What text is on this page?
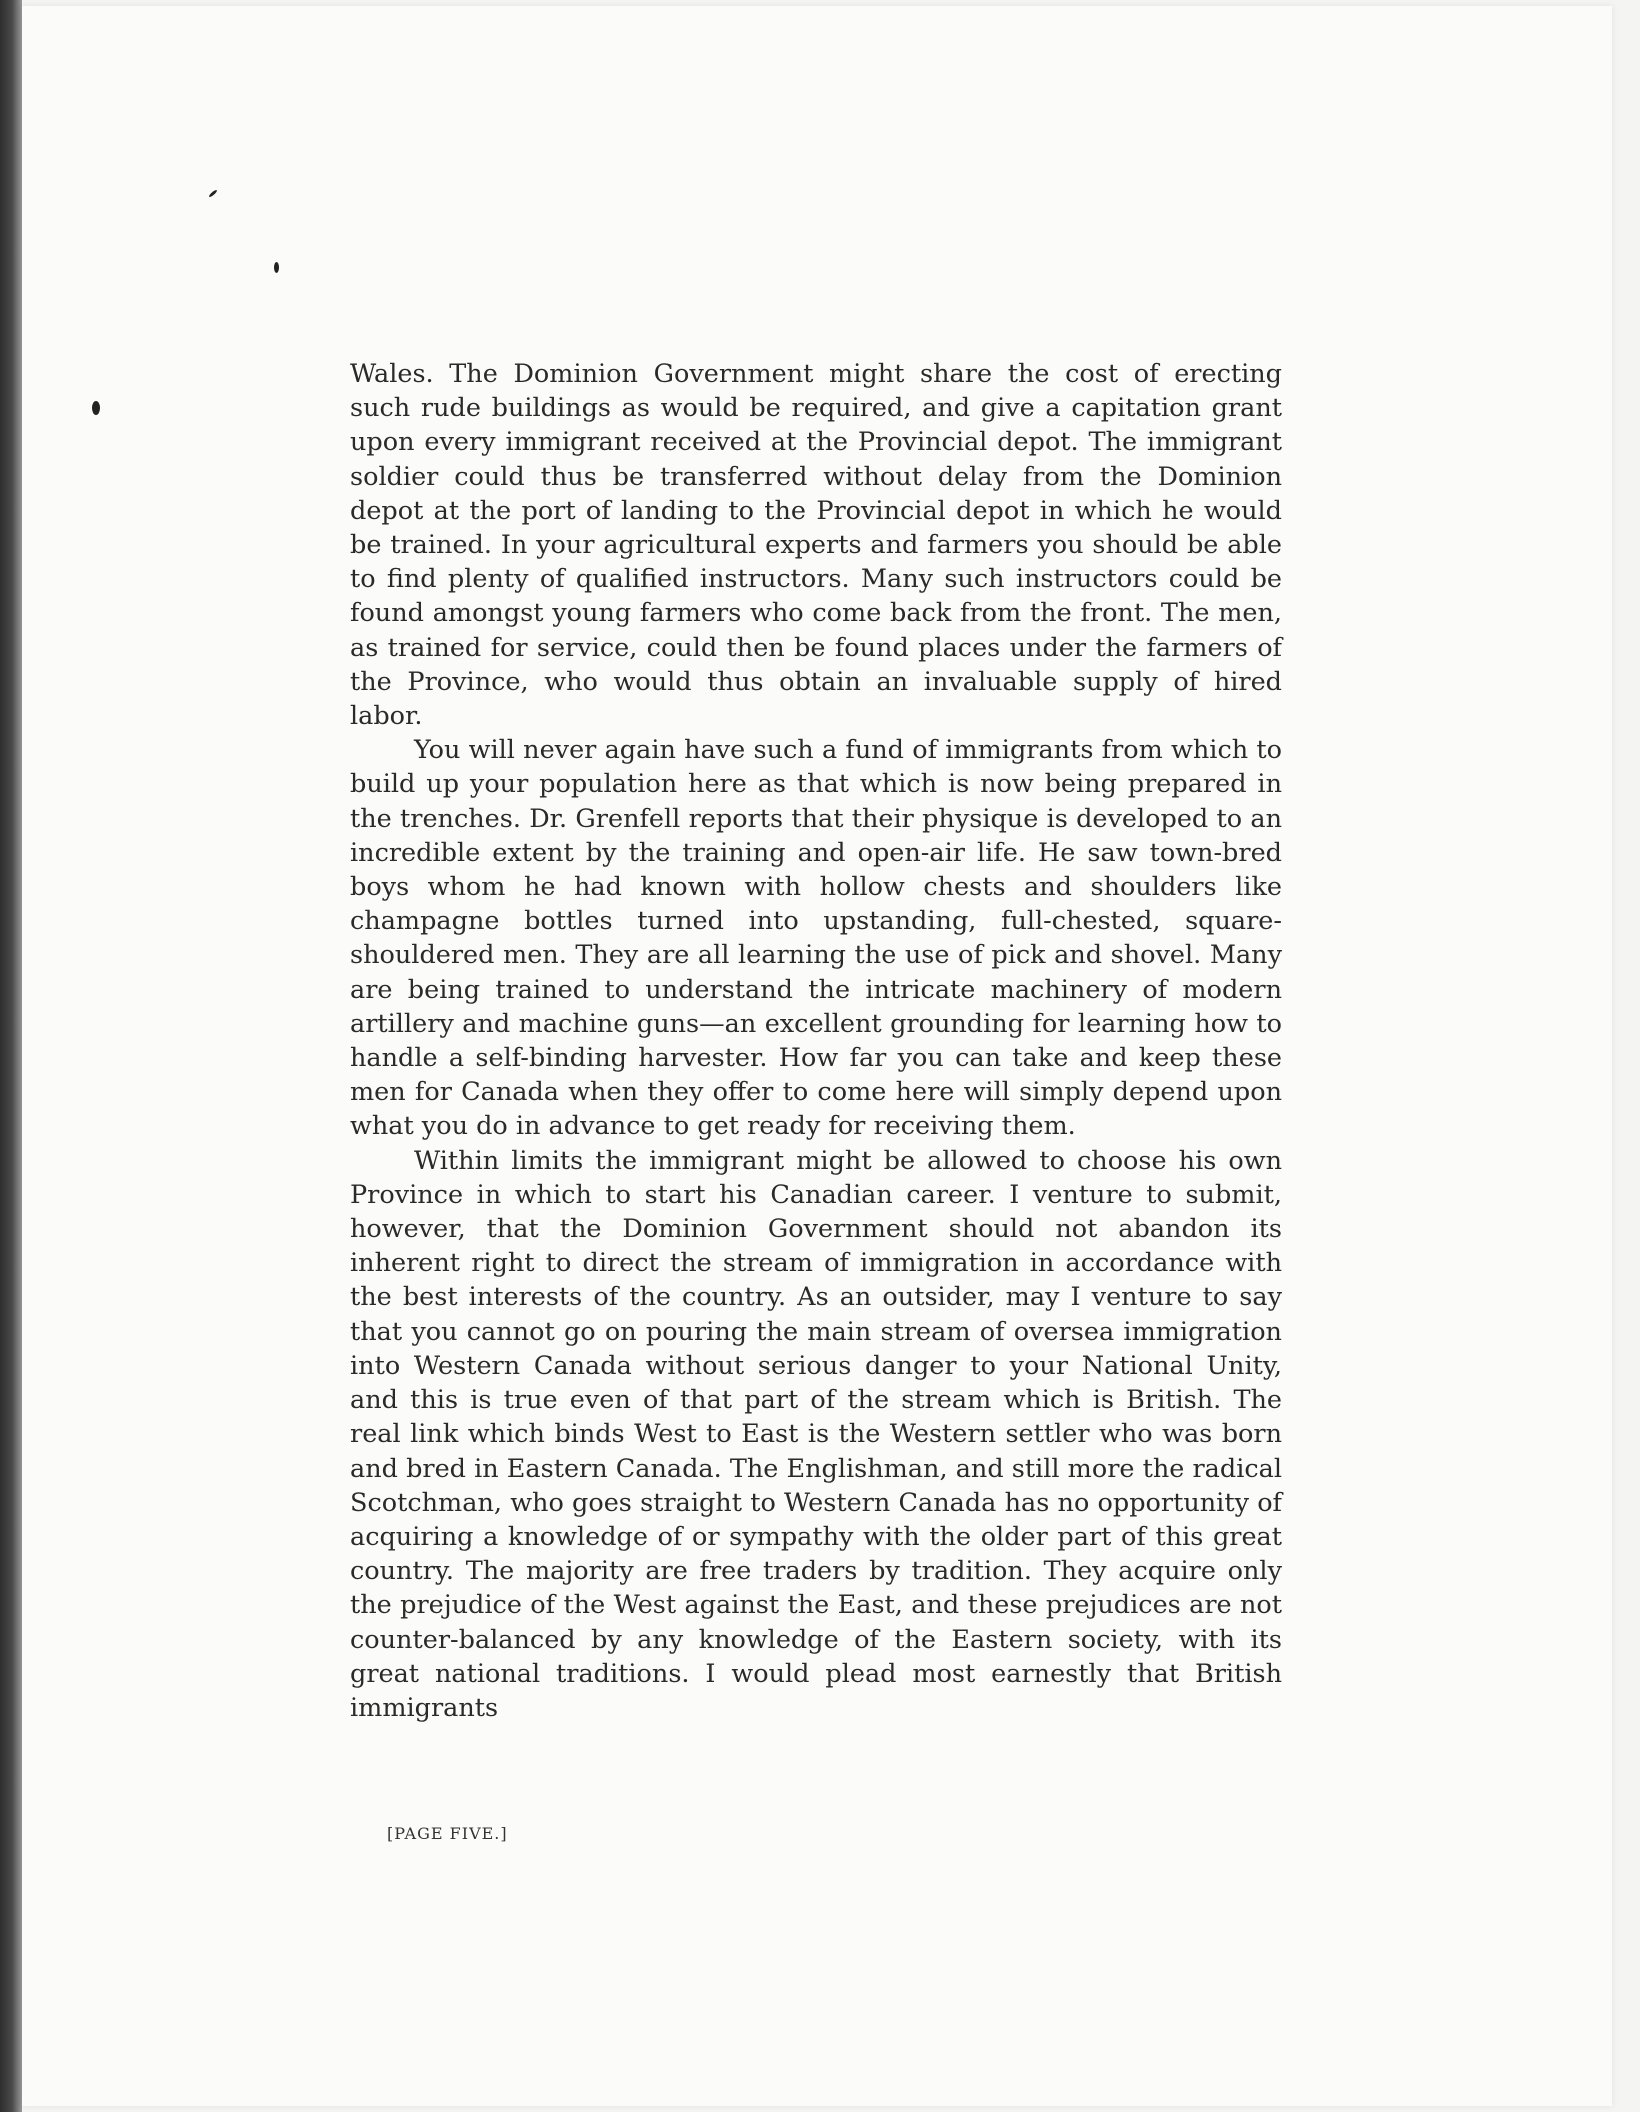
Wales. The Dominion Government might share the cost of erecting such rude buildings as would be required, and give a capitation grant upon every immigrant received at the Provincial depot. The immigrant soldier could thus be transferred without delay from the Dominion depot at the port of landing to the Provincial depot in which he would be trained. In your agricultural experts and farmers you should be able to find plenty of qualified instructors. Many such instructors could be found amongst young farmers who come back from the front. The men, as trained for service, could then be found places under the farmers of the Province, who would thus obtain an invaluable supply of hired labor.

You will never again have such a fund of immigrants from which to build up your population here as that which is now being prepared in the trenches. Dr. Grenfell reports that their physique is developed to an incredible extent by the training and open-air life. He saw town-bred boys whom he had known with hollow chests and shoulders like champagne bottles turned into upstanding, full-chested, square-shouldered men. They are all learning the use of pick and shovel. Many are being trained to understand the intricate machinery of modern artillery and machine guns—an excellent grounding for learning how to handle a self-binding harvester. How far you can take and keep these men for Canada when they offer to come here will simply depend upon what you do in advance to get ready for receiving them.

Within limits the immigrant might be allowed to choose his own Province in which to start his Canadian career. I venture to submit, however, that the Dominion Government should not abandon its inherent right to direct the stream of immigration in accordance with the best interests of the country. As an outsider, may I venture to say that you cannot go on pouring the main stream of oversea immigration into Western Canada without serious danger to your National Unity, and this is true even of that part of the stream which is British. The real link which binds West to East is the Western settler who was born and bred in Eastern Canada. The Englishman, and still more the radical Scotchman, who goes straight to Western Canada has no opportunity of acquiring a knowledge of or sympathy with the older part of this great country. The majority are free traders by tradition. They acquire only the prejudice of the West against the East, and these prejudices are not counter-balanced by any knowledge of the Eastern society, with its great national traditions. I would plead most earnestly that British immigrants

[PAGE FIVE.]
